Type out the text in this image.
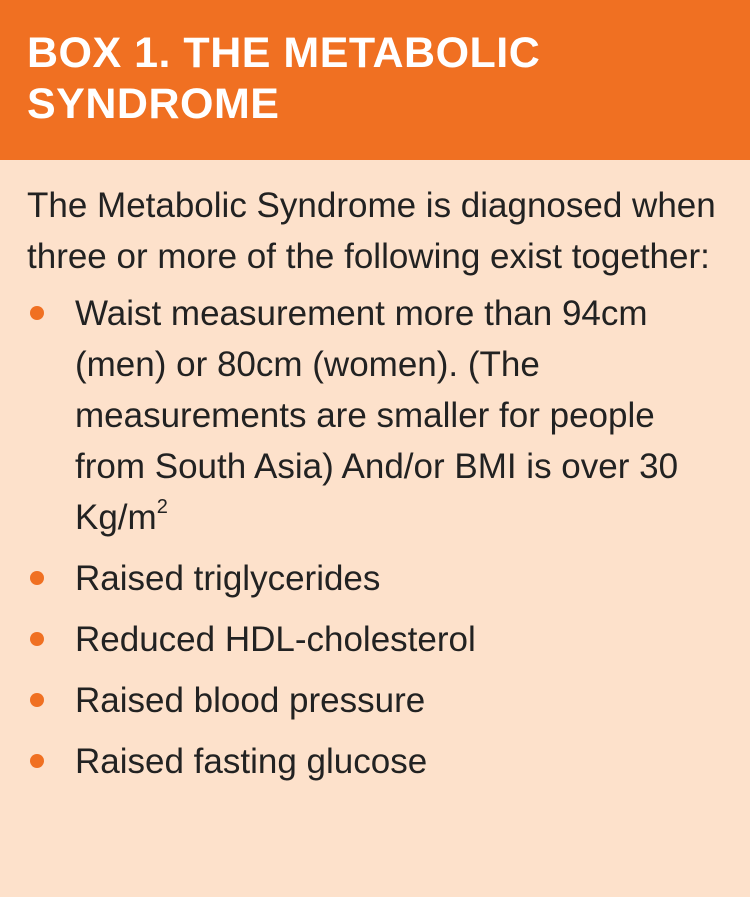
BOX 1. THE METABOLIC
SYNDROME

The Metabolic Syndrome is diagnosed when three or more of the following exist together:

Waist measurement more than 94cm (men) or 80cm (women). (The measurements are smaller for people from South Asia) And/or BMI is over 30 $Kg/m^2$
Raised triglycerides
Reduced HDL-cholesterol
Raised blood pressure
Raised fasting glucose
